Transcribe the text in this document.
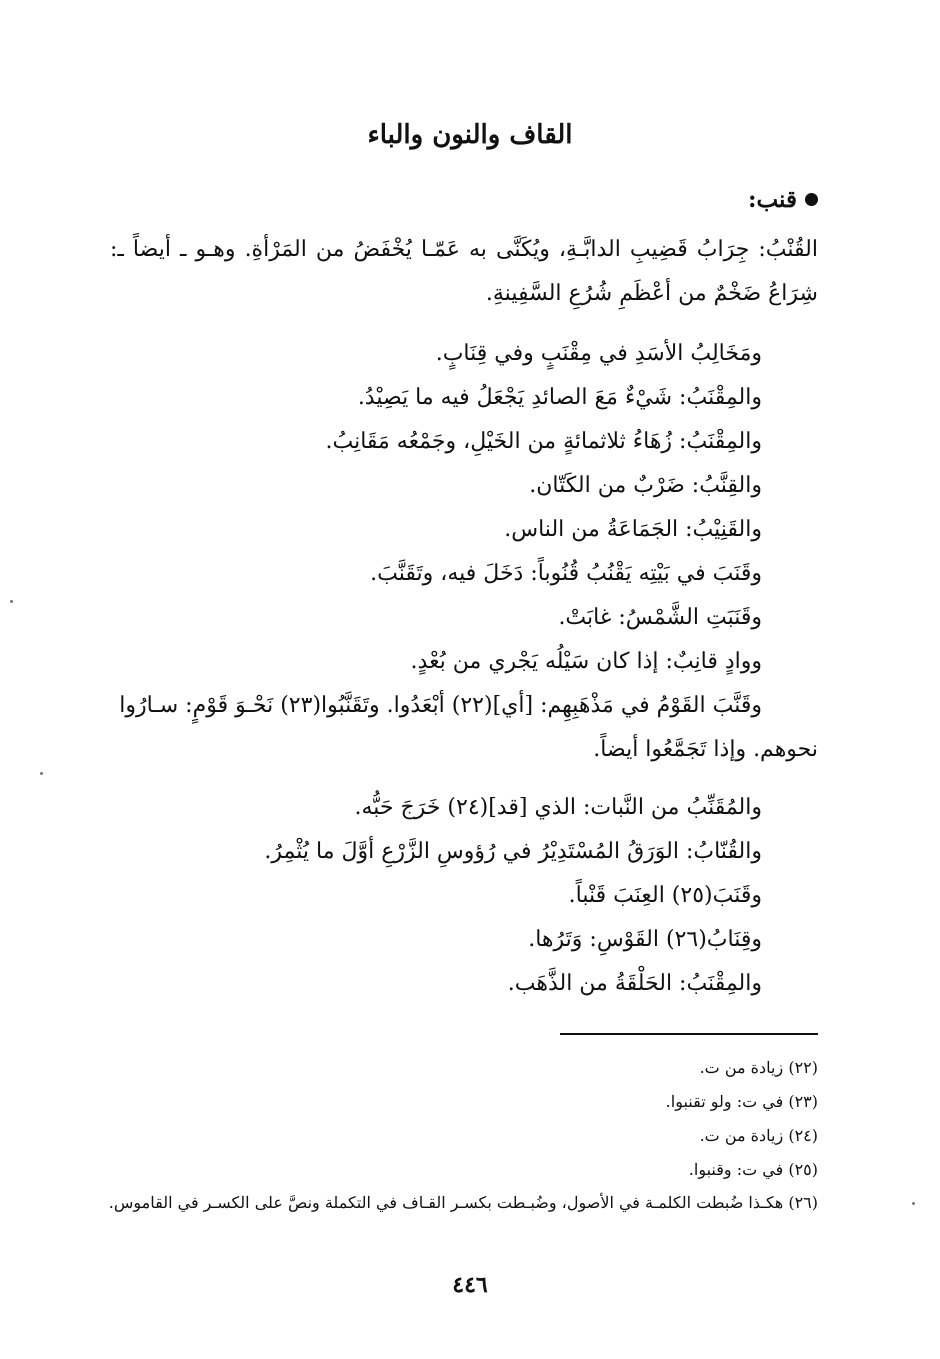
القاف والنون والباء
قنب:
القُنْبُ: جِرَابُ قَضِيبِ الدابَّـةِ، ويُكَنَّى به عَمّـا يُخْفَضُ من المَرْأةِ. وهـو ـ أيضاً ـ: شِرَاعُ ضَخْمٌ من أعْظَمِ شُرُعِ السَّفِينةِ.
ومَخَالِبُ الأسَدِ في مِقْنَبٍ وفي قِنَابٍ.
والمِقْنَبُ: شَيْءٌ مَعَ الصائدِ يَجْعَلُ فيه ما يَصِيْدُ.
والمِقْنَبُ: زُهَاءُ ثلاثمائةٍ من الخَيْلِ، وجَمْعُه مَقَانِبُ.
والقِنَّبُ: ضَرْبٌ من الكَتّان.
والقَنِيْبُ: الجَمَاعَةُ من الناس.
وقَنَبَ في بَيْتِه يَقْنُبُ قُنُوباً: دَخَلَ فيه، وتَقَنَّبَ.
وقَنَبَتِ الشَّمْسُ: غابَتْ.
ووادٍ قانِبٌ: إذا كان سَيْلُه يَجْري من بُعْدٍ.
وقَنَّبَ القَوْمُ في مَذْهَبِهِم: [أي](٢٢) أبْعَدُوا. وتَقَنَّبُوا(٢٣) نَحْـوَ قَوْمٍ: سـارُوا
نحوهم. وإذا تَجَمَّعُوا أيضاً.
والمُقَنِّبُ من النَّبات: الذي [قد](٢٤) خَرَجَ حَبُّه.
والقُنّابُ: الوَرَقُ المُسْتَدِيْرُ في رُؤوسِ الزَّرْعِ أوَّلَ ما يُثْمِرُ.
وقَنَبَ(٢٥) العِنَبَ قَنْباً.
وقِنَابُ(٢٦) القَوْسِ: وَتَرُها.
والمِقْنَبُ: الحَلْقَةُ من الذَّهَب.
(٢٢) زيادة من ت.
(٢٣) في ت: ولو تقنبوا.
(٢٤) زيادة من ت.
(٢٥) في ت: وقنبوا.
(٢٦) هكـذا ضُبطت الكلمـة في الأصول، وضُبـطت بكسـر القـاف في التكملة ونصَّ على الكسـر في القاموس.
٤٤٦
